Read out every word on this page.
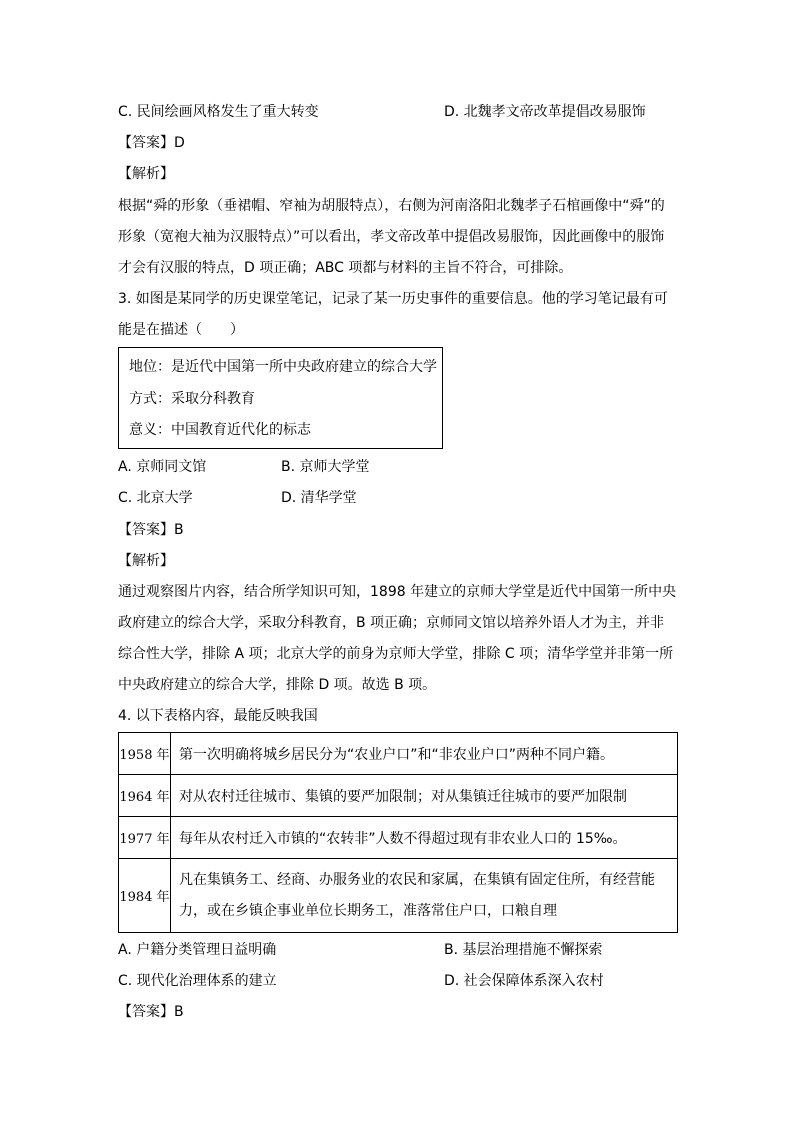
C. 民间绘画风格发生了重大转变	D. 北魏孝文帝改革提倡改易服饰
【答案】D
【解析】
根据“舜的形象（垂裙帽、窄袖为胡服特点），右侧为河南洛阳北魏孝子石棺画像中“舜”的
形象（宽袍大袖为汉服特点）”可以看出，孝文帝改革中提倡改易服饰，因此画像中的服饰
才会有汉服的特点，D 项正确；ABC 项都与材料的主旨不符合，可排除。
3. 如图是某同学的历史课堂笔记，记录了某一历史事件的重要信息。他的学习笔记最有可
能是在描述（　　）
地位：是近代中国第一所中央政府建立的综合大学
方式：采取分科教育
意义：中国教育近代化的标志
A. 京师同文馆	B. 京师大学堂
C. 北京大学	D. 清华学堂
【答案】B
【解析】
通过观察图片内容，结合所学知识可知，1898 年建立的京师大学堂是近代中国第一所中央
政府建立的综合大学，采取分科教育，B 项正确；京师同文馆以培养外语人才为主，并非
综合性大学，排除 A 项；北京大学的前身为京师大学堂，排除 C 项；清华学堂并非第一所
中央政府建立的综合大学，排除 D 项。故选 B 项。
4. 以下表格内容，最能反映我国
1958 年	第一次明确将城乡居民分为“农业户口”和“非农业户口”两种不同户籍。
1964 年	对从农村迁往城市、集镇的要严加限制；对从集镇迁往城市的要严加限制
1977 年	每年从农村迁入市镇的“农转非”人数不得超过现有非农业人口的 15‰。
1984 年	凡在集镇务工、经商、办服务业的农民和家属，在集镇有固定住所，有经营能力，或在乡镇企事业单位长期务工，准落常住户口，口粮自理
A. 户籍分类管理日益明确	B. 基层治理措施不懈探索
C. 现代化治理体系的建立	D. 社会保障体系深入农村
【答案】B
